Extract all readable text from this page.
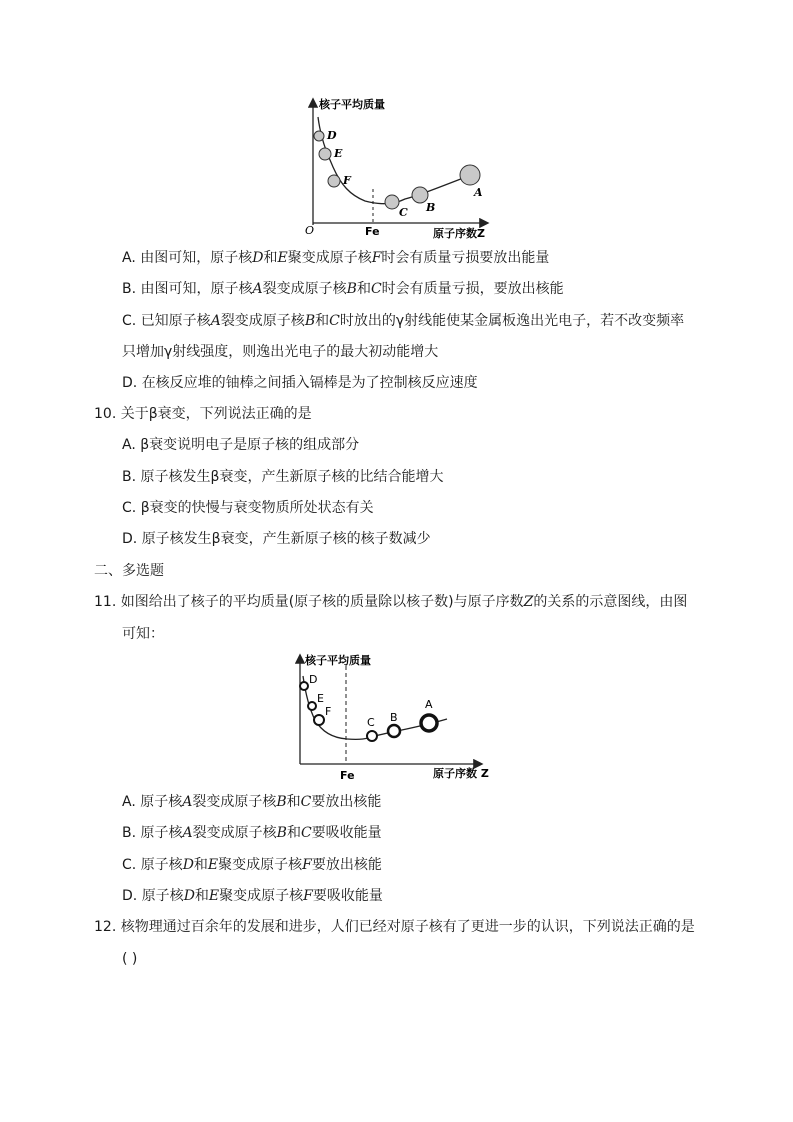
核子平均质量
原子序数Z
O	Fe
D
E
F
C B
A
A. 由图可知，原子核D和E聚变成原子核F时会有质量亏损要放出能量
B. 由图可知，原子核A裂变成原子核B和C时会有质量亏损，要放出核能
C. 已知原子核A裂变成原子核B和C时放出的γ射线能使某金属板逸出光电子，若不改变频率
只增加γ射线强度，则逸出光电子的最大初动能增大
D. 在核反应堆的铀棒之间插入镉棒是为了控制核反应速度
10. 关于β衰变，下列说法正确的是
A. β衰变说明电子是原子核的组成部分
B. 原子核发生β衰变，产生新原子核的比结合能增大
C. β衰变的快慢与衰变物质所处状态有关
D. 原子核发生β衰变，产生新原子核的核子数减少
二、多选题
11. 如图给出了核子的平均质量(原子核的质量除以核子数)与原子序数Z的关系的示意图线，由图
可知：
核子平均质量
原子序数 Z
Fe
D
E
F
C B
A
A. 原子核A裂变成原子核B和C要放出核能
B. 原子核A裂变成原子核B和C要吸收能量
C. 原子核D和E聚变成原子核F要放出核能
D. 原子核D和E聚变成原子核F要吸收能量
12. 核物理通过百余年的发展和进步，人们已经对原子核有了更进一步的认识，下列说法正确的是
( )
